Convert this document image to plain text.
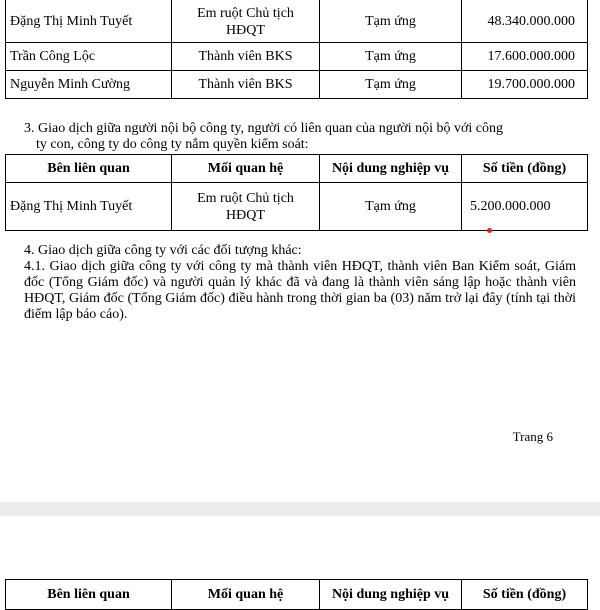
Đặng Thị Minh Tuyết	Em ruột Chủ tịch HĐQT	Tạm ứng	48.340.000.000
Trần Công Lộc	Thành viên BKS	Tạm ứng	17.600.000.000
Nguyễn Minh Cường	Thành viên BKS	Tạm ứng	19.700.000.000
3. Giao dịch giữa người nội bộ công ty, người có liên quan của người nội bộ với công
ty con, công ty do công ty nắm quyền kiểm soát:
Bên liên quan	Mối quan hệ	Nội dung nghiệp vụ	Số tiền (đồng)
Đặng Thị Minh Tuyết	Em ruột Chủ tịch HĐQT	Tạm ứng	5.200.000.000
4. Giao dịch giữa công ty với các đối tượng khác:
4.1. Giao dịch giữa công ty với công ty mà thành viên HĐQT, thành viên Ban Kiểm soát, Giám đốc (Tổng Giám đốc) và người quản lý khác đã và đang là thành viên sáng lập hoặc thành viên HĐQT, Giám đốc (Tổng Giám đốc) điều hành trong thời gian ba (03) năm trở lại đây (tính tại thời điểm lập báo cáo).
Trang 6
Bên liên quan	Mối quan hệ	Nội dung nghiệp vụ	Số tiền (đồng)
